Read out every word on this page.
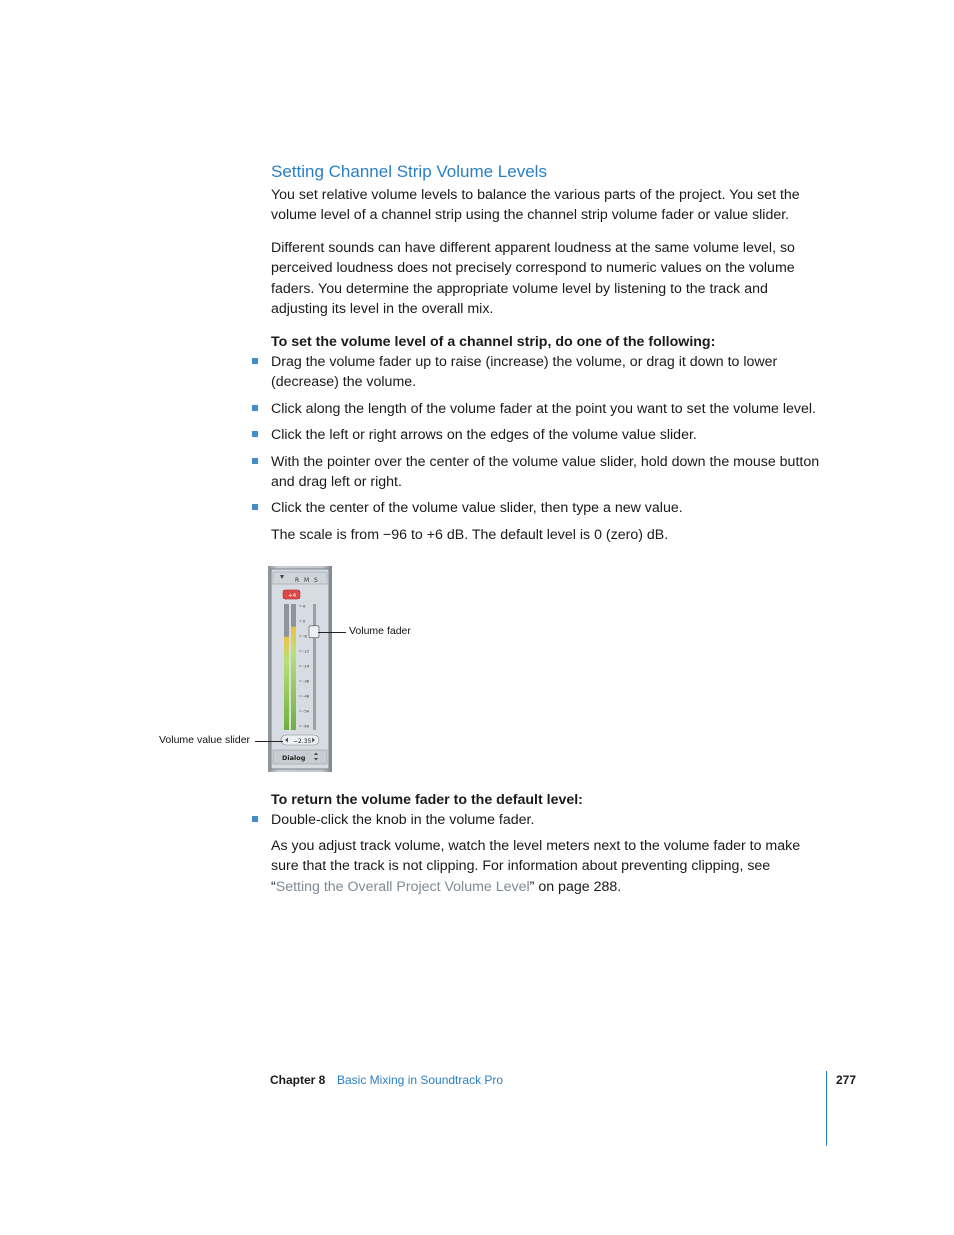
Setting Channel Strip Volume Levels
You set relative volume levels to balance the various parts of the project. You set the volume level of a channel strip using the channel strip volume fader or value slider.
Different sounds can have different apparent loudness at the same volume level, so perceived loudness does not precisely correspond to numeric values on the volume faders. You determine the appropriate volume level by listening to the track and adjusting its level in the overall mix.
To set the volume level of a channel strip, do one of the following:
Drag the volume fader up to raise (increase) the volume, or drag it down to lower (decrease) the volume.
Click along the length of the volume fader at the point you want to set the volume level.
Click the left or right arrows on the edges of the volume value slider.
With the pointer over the center of the volume value slider, hold down the mouse button and drag left or right.
Click the center of the volume value slider, then type a new value.
The scale is from −96 to +6 dB. The default level is 0 (zero) dB.
R M S
+4
6
0
-6
-12
-24
-36
-48
-54
-60
−2.35
Dialog
Volume fader
Volume value slider
To return the volume fader to the default level:
Double-click the knob in the volume fader.
As you adjust track volume, watch the level meters next to the volume fader to make sure that the track is not clipping. For information about preventing clipping, see “Setting the Overall Project Volume Level” on page 288.
Chapter 8 Basic Mixing in Soundtrack Pro	277
